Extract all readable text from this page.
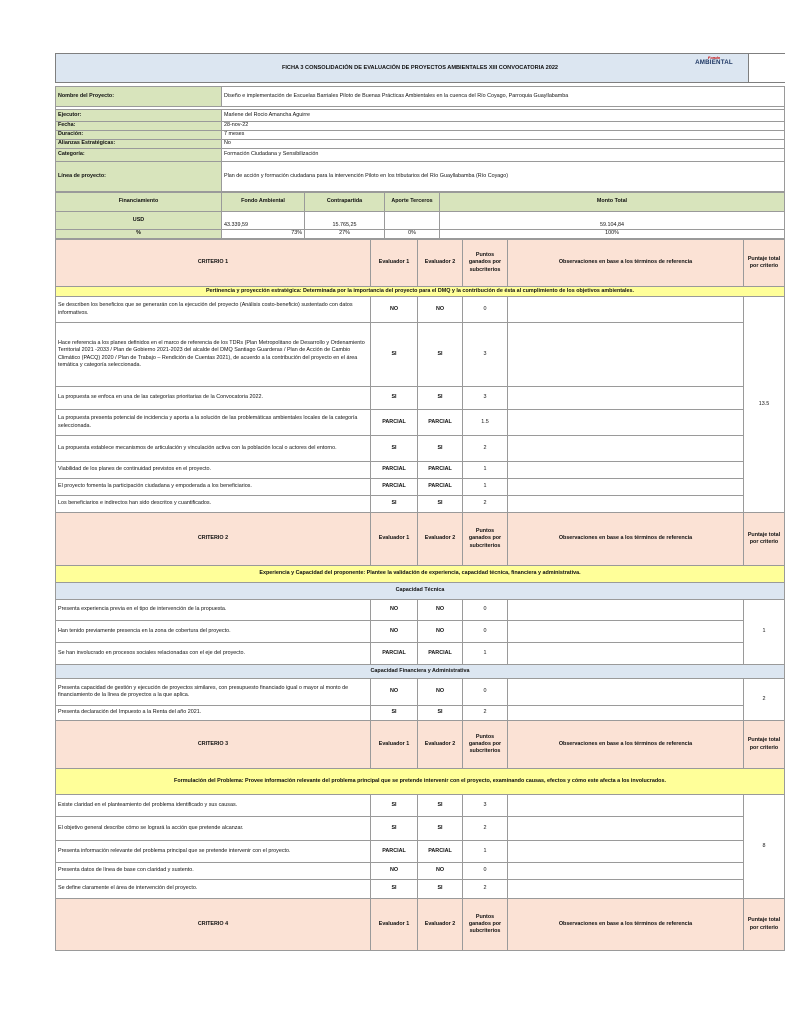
FICHA 3 CONSOLIDACIÓN DE EVALUACIÓN DE PROYECTOS AMBIENTALES XIII CONVOCATORIA 2022
Fondo
AMBIENTAL
Nombre del Proyecto:	Diseño e implementación de Escuelas Barriales Piloto de Buenas Prácticas Ambientales en la cuenca del Río Coyago, Parroquia Guayllabamba

Ejecutor:	Marlene del Rocio Amancha Aguirre
Fecha:	28-nov-22
Duración:	7 meses
Alianzas Estratégicas:	No
Categoría:	Formación Ciudadana y Sensibilización
Línea de proyecto:	Plan de acción y formación ciudadana para la intervención Piloto en los tributarios del Río Guayllabamba (Río Coyago)
Financiamiento	Fondo Ambiental	Contrapartida	Aporte Terceros	Monto Total
USD	43.339,59	15.765,25		59.104,84
%	73%	27%	0%	100%
CRITERIO 1	Evaluador 1	Evaluador 2	Puntos ganados por subcriterios	Observaciones en base a los términos de referencia	Puntaje total por criterio
Pertinencia y proyección estratégica: Determinada por la importancia del proyecto para el DMQ y la contribución de ésta al cumplimiento de los objetivos ambientales.					
Se describen los beneficios que se generarán con la ejecución del proyecto (Análisis costo-beneficio) sustentado con datos informativos.	NO	NO	0		13.5
Hace referencia a los planes definidos en el marco de referencia de los TDRs (Plan Metropolitano de Desarrollo y Ordenamiento Territorial 2021 -2033 / Plan de Gobierno 2021-2023 del alcalde del DMQ Santiago Guarderas / Plan de Acción de Cambio Climático (PACQ) 2020 / Plan de Trabajo – Rendición de Cuentas 2021), de acuerdo a la contribución del proyecto en el área temática y categoría seleccionada.	SI	SI	3		
La propuesta se enfoca en una de las categorías prioritarias de la Convocatoria 2022.	SI	SI	3		
La propuesta presenta potencial de incidencia y aporta a la solución de las problemáticas ambientales locales de la categoría seleccionada.	PARCIAL	PARCIAL	1.5		
La propuesta establece mecanismos de articulación y vinculación activa con la población local o actores del entorno.	SI	SI	2		
Viabilidad de los planes de continuidad previstos en el proyecto.	PARCIAL	PARCIAL	1		
El proyecto fomenta la participación ciudadana y empoderada a los beneficiarios.	PARCIAL	PARCIAL	1		
Los beneficiarios e indirectos han sido descritos y cuantificados.	SI	SI	2		
CRITERIO 2	Evaluador 1	Evaluador 2	Puntos ganados por subcriterios	Observaciones en base a los términos de referencia	Puntaje total por criterio
Experiencia y Capacidad del proponente: Plantee la validación de experiencia, capacidad técnica, financiera y administrativa.					
Capacidad Técnica					
Presenta experiencia previa en el tipo de intervención de la propuesta.	NO	NO	0		1
Han tenido previamente presencia en la zona de cobertura del proyecto.	NO	NO	0		
Se han involucrado en procesos sociales relacionadas con el eje del proyecto.	PARCIAL	PARCIAL	1		
Capacidad Financiera y Administrativa					
Presenta capacidad de gestión y ejecución de proyectos similares, con presupuesto financiado igual o mayor al monto de financiamiento de la línea de proyectos a la que aplica.	NO	NO	0		2
Presenta declaración del Impuesto a la Renta del año 2021.	SI	SI	2		
CRITERIO 3	Evaluador 1	Evaluador 2	Puntos ganados por subcriterios	Observaciones en base a los términos de referencia	Puntaje total por criterio
Formulación del Problema: Provee información relevante del problema principal que se pretende intervenir con el proyecto, examinando causas, efectos y cómo este afecta a los involucrados.					
Existe claridad en el planteamiento del problema identificado y sus causas.	SI	SI	3		8
El objetivo general describe cómo se logrará la acción que pretende alcanzar.	SI	SI	2		
Presenta información relevante del problema principal que se pretende intervenir con el proyecto.	PARCIAL	PARCIAL	1		
Presenta datos de línea de base con claridad y sustento.	NO	NO	0		
Se define claramente el área de intervención del proyecto.	SI	SI	2		
CRITERIO 4	Evaluador 1	Evaluador 2	Puntos ganados por subcriterios	Observaciones en base a los términos de referencia	Puntaje total por criterio
